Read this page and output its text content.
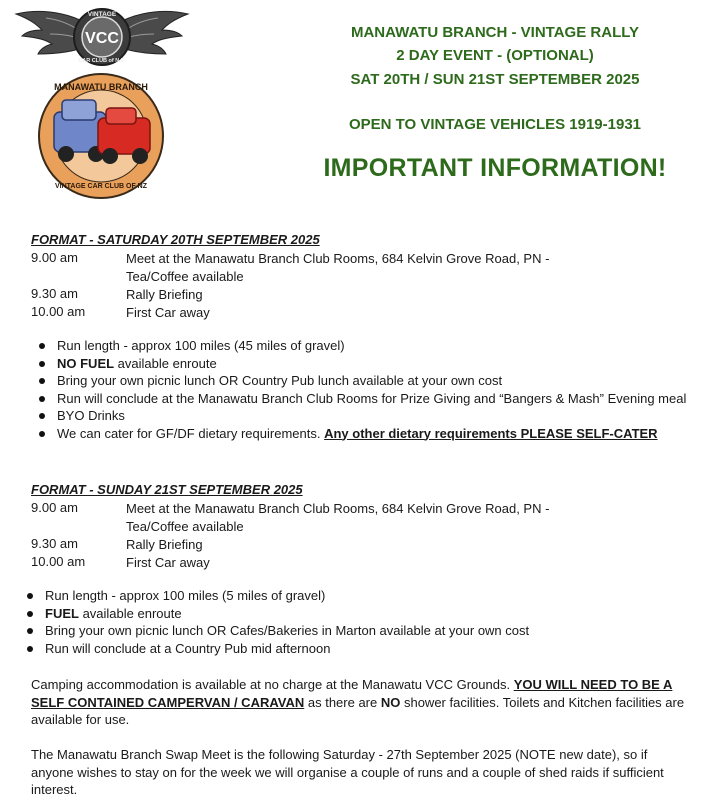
VCC
VINTAGE
CAR CLUB of N.Z.
MANAWATU BRANCH
VINTAGE CAR CLUB OF NZ
MANAWATU BRANCH - VINTAGE RALLY
2 DAY EVENT - (OPTIONAL)
SAT 20TH / SUN 21ST SEPTEMBER 2025
OPEN TO VINTAGE VEHICLES 1919-1931
IMPORTANT INFORMATION!
FORMAT - SATURDAY 20TH SEPTEMBER 2025
9.00 am	Meet at the Manawatu Branch Club Rooms, 684 Kelvin Grove Road, PN -
Tea/Coffee available
9.30 am	Rally Briefing
10.00 am	First Car away
Run length - approx 100 miles (45 miles of gravel)
NO FUEL available enroute
Bring your own picnic lunch OR Country Pub lunch available at your own cost
Run will conclude at the Manawatu Branch Club Rooms for Prize Giving and “Bangers & Mash” Evening meal
BYO Drinks
We can cater for GF/DF dietary requirements. Any other dietary requirements PLEASE SELF-CATER
FORMAT - SUNDAY 21ST SEPTEMBER 2025
9.00 am	Meet at the Manawatu Branch Club Rooms, 684 Kelvin Grove Road, PN -
Tea/Coffee available
9.30 am	Rally Briefing
10.00 am	First Car away
Run length - approx 100 miles (5 miles of gravel)
FUEL available enroute
Bring your own picnic lunch OR Cafes/Bakeries in Marton available at your own cost
Run will conclude at a Country Pub mid afternoon
Camping accommodation is available at no charge at the Manawatu VCC Grounds. YOU WILL NEED TO BE A SELF CONTAINED CAMPERVAN / CARAVAN as there are NO shower facilities. Toilets and Kitchen facilities are available for use.
The Manawatu Branch Swap Meet is the following Saturday - 27th September 2025 (NOTE new date), so if anyone wishes to stay on for the week we will organise a couple of runs and a couple of shed raids if sufficient interest.
